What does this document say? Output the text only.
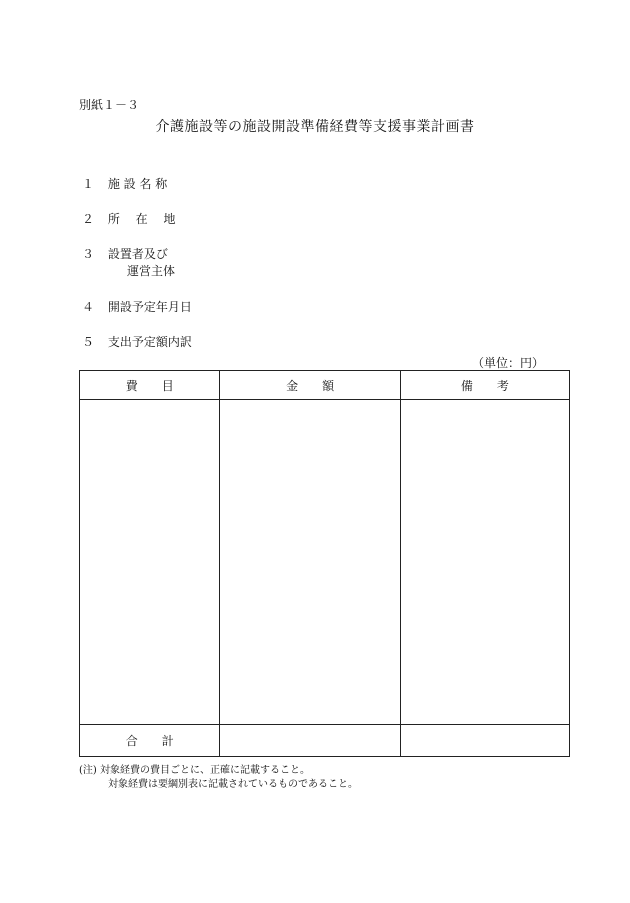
別紙１－３
介護施設等の施設開設準備経費等支援事業計画書
１ 施 設 名 称
２ 所　 在 　地
３ 設置者及び
運営主体
４ 開設予定年月日
５ 支出予定額内訳
（単位：円）
費　　目	金　　額	備　　考

合　　計		
(注) 対象経費の費目ごとに、正確に記載すること。
対象経費は要綱別表に記載されているものであること。
